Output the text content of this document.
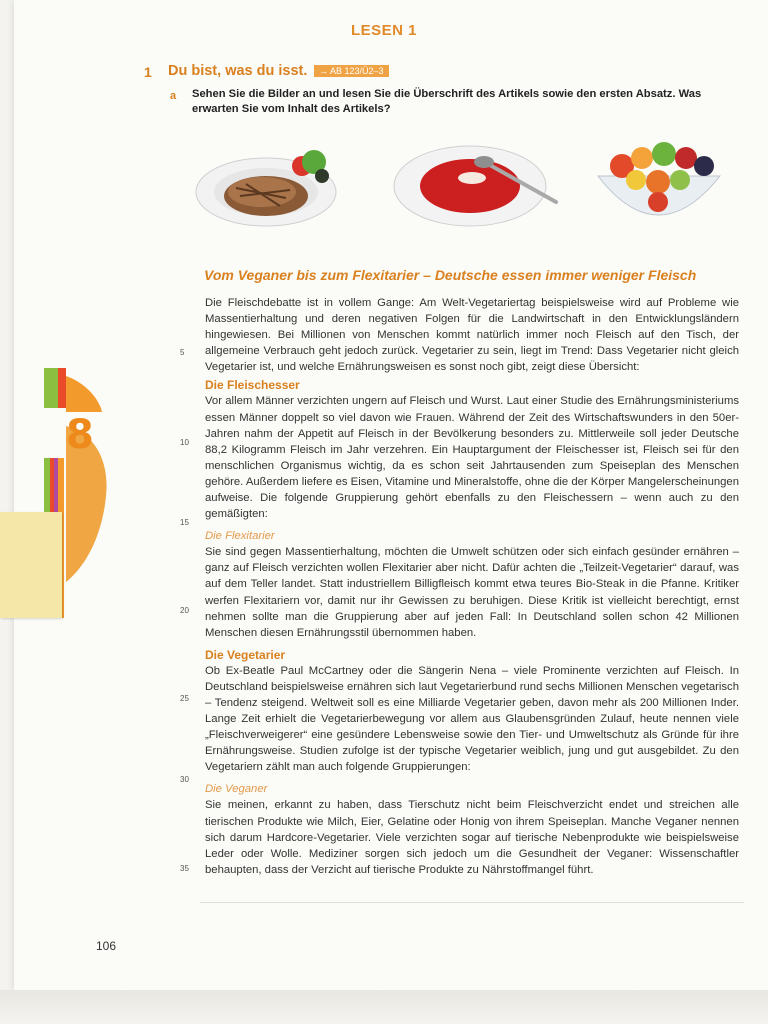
8
LESEN 1
1 Du bist, was du isst.	→ AB 123/Ü2–3
a Sehen Sie die Bilder an und lesen Sie die Überschrift des Artikels sowie den ersten Absatz. Was erwarten Sie vom Inhalt des Artikels?
Vom Veganer bis zum Flexitarier – Deutsche essen immer weniger Fleisch

Die Fleischdebatte ist in vollem Gange: Am Welt-Vegetariertag beispielsweise wird auf Probleme wie Massentierhaltung und deren negativen Folgen für die Landwirtschaft in den Entwicklungsländern hingewiesen. Bei Millionen von Menschen kommt natürlich immer noch Fleisch auf den Tisch, der allgemeine Verbrauch geht jedoch zurück. Vegetarier zu sein, liegt im Trend: Dass Vegetarier nicht gleich Vegetarier ist, und welche Ernährungsweisen es sonst noch gibt, zeigt diese Übersicht:

Die Fleischesser

Vor allem Männer verzichten ungern auf Fleisch und Wurst. Laut einer Studie des Ernährungsministeriums essen Männer doppelt so viel davon wie Frauen. Während der Zeit des Wirtschaftswunders in den 50er-Jahren nahm der Appetit auf Fleisch in der Bevölkerung besonders zu. Mittlerweile soll jeder Deutsche 88,2 Kilogramm Fleisch im Jahr verzehren. Ein Hauptargument der Fleischesser ist, Fleisch sei für den menschlichen Organismus wichtig, da es schon seit Jahrtausenden zum Speiseplan des Menschen gehöre. Außerdem liefere es Eisen, Vitamine und Mineralstoffe, ohne die der Körper Mangelerscheinungen aufweise. Die folgende Gruppierung gehört ebenfalls zu den Fleischessern – wenn auch zu den gemäßigten:

Die Flexitarier

Sie sind gegen Massentierhaltung, möchten die Umwelt schützen oder sich einfach gesünder ernähren – ganz auf Fleisch verzichten wollen Flexitarier aber nicht. Dafür achten die „Teilzeit-Vegetarier“ darauf, was auf dem Teller landet. Statt industriellem Billigfleisch kommt etwa teures Bio-Steak in die Pfanne. Kritiker werfen Flexitariern vor, damit nur ihr Gewissen zu beruhigen. Diese Kritik ist vielleicht berechtigt, ernst nehmen sollte man die Gruppierung aber auf jeden Fall: In Deutschland sollen schon 42 Millionen Menschen diesen Ernährungsstil übernommen haben.

Die Vegetarier

Ob Ex-Beatle Paul McCartney oder die Sängerin Nena – viele Prominente verzichten auf Fleisch. In Deutschland beispielsweise ernähren sich laut Vegetarierbund rund sechs Millionen Menschen vegetarisch – Tendenz steigend. Weltweit soll es eine Milliarde Vegetarier geben, davon mehr als 200 Millionen Inder. Lange Zeit erhielt die Vegetarierbewegung vor allem aus Glaubensgründen Zulauf, heute nennen viele „Fleischverweigerer“ eine gesündere Lebensweise sowie den Tier- und Umweltschutz als Gründe für ihre Ernährungsweise. Studien zufolge ist der typische Vegetarier weiblich, jung und gut ausgebildet. Zu den Vegetariern zählt man auch folgende Gruppierungen:

Die Veganer

Sie meinen, erkannt zu haben, dass Tierschutz nicht beim Fleischverzicht endet und streichen alle tierischen Produkte wie Milch, Eier, Gelatine oder Honig von ihrem Speiseplan. Manche Veganer nennen sich darum Hardcore-Vegetarier. Viele verzichten sogar auf tierische Nebenprodukte wie beispielsweise Leder oder Wolle. Mediziner sorgen sich jedoch um die Gesundheit der Veganer: Wissenschaftler behaupten, dass der Verzicht auf tierische Produkte zu Nährstoffmangel führt.

5
10
15
20
25
30
35
106
